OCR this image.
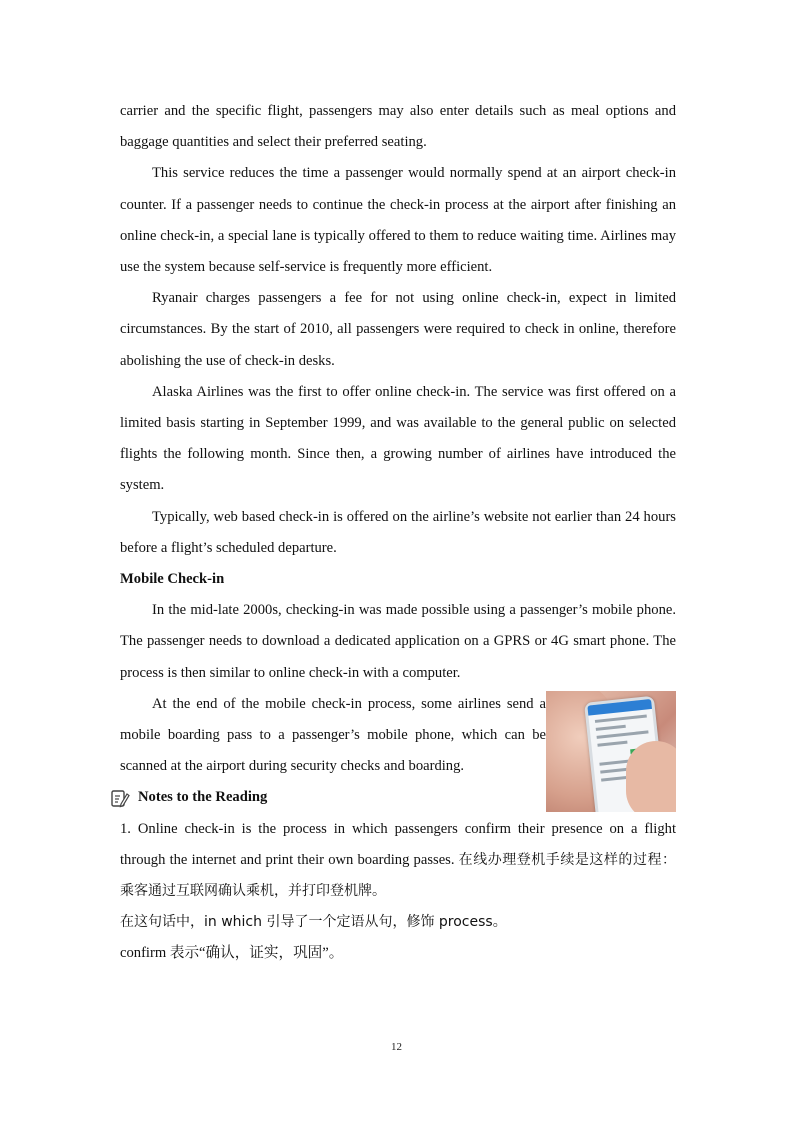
carrier and the specific flight, passengers may also enter details such as meal options and baggage quantities and select their preferred seating.

This service reduces the time a passenger would normally spend at an airport check-in counter. If a passenger needs to continue the check-in process at the airport after finishing an online check-in, a special lane is typically offered to them to reduce waiting time. Airlines may use the system because self-service is frequently more efficient.

Ryanair charges passengers a fee for not using online check-in, expect in limited circumstances. By the start of 2010, all passengers were required to check in online, therefore abolishing the use of check-in desks.

Alaska Airlines was the first to offer online check-in. The service was first offered on a limited basis starting in September 1999, and was available to the general public on selected flights the following month. Since then, a growing number of airlines have introduced the system.

Typically, web based check-in is offered on the airline’s website not earlier than 24 hours before a flight’s scheduled departure.

Mobile Check-in

In the mid-late 2000s, checking-in was made possible using a passenger’s mobile phone. The passenger needs to download a dedicated application on a GPRS or 4G smart phone. The process is then similar to online check-in with a computer.

At the end of the mobile check-in process, some airlines send a mobile boarding pass to a passenger’s mobile phone, which can be scanned at the airport during security checks and boarding.

Notes to the Reading

1. Online check-in is the process in which passengers confirm their presence on a flight through the internet and print their own boarding passes. 在线办理登机手续是这样的过程：乘客通过互联网确认乘机，并打印登机牌。

在这句话中，in which 引导了一个定语从句，修饰 process。

confirm 表示“确认，证实，巩固”。

12
